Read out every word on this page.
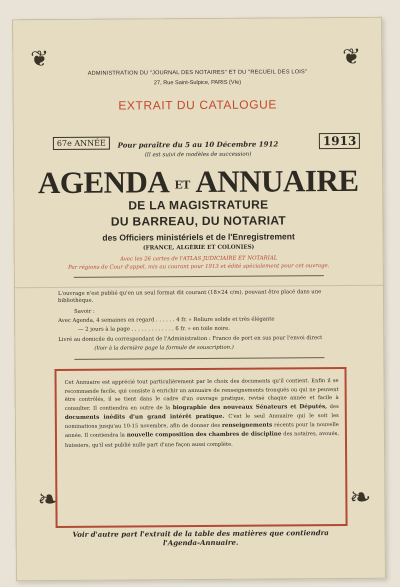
❦	❦
❧	❧
ADMINISTRATION DU "JOURNAL DES NOTAIRES" ET DU "RECUEIL DES LOIS"
27, Rue Saint-Sulpice, PARIS (VIe)
EXTRAIT DU CATALOGUE
67e ANNÉE	Pour paraître du 5 au 10 Décembre 1912	1913
(Il est suivi de modèles de succession)
AGENDA ET ANNUAIRE
DE LA MAGISTRATURE
DU BARREAU, DU NOTARIAT
des Officiers ministériels et de l'Enregistrement
(FRANCE, ALGÉRIE ET COLONIES)
Avec les 26 cartes de l'ATLAS JUDICIAIRE ET NOTARIAL
Par régions de Cour d'appel, mis au courant pour 1913 et édité spécialement pour cet ouvrage.
L'ouvrage n'est publié qu'en un seul format dit courant (18×24 c/m), pouvant être placé dans une bibliothèque.
Savoir :
Avec Agenda, 4 semaines en regard . . . . . . 4 fr. » Reliure solide et très élégante
— 2 jours à la page . . . . . . . . . . . . . 6 fr. » en toile noire.
Livré au domicile du correspondant de l'Administration : Franco de port en sus pour l'envoi direct
(Voir à la dernière page la formule de souscription.)
Cet Annuaire est apprécié tout particulièrement par le choix des documents qu'il contient. Enfin il se recommande facile, qui consiste à enrichir un annuaire de renseignements tronqués ou qui ne peuvent être contrôlés, il se tient dans le cadre d'un ouvrage pratique, revisé chaque année et facile à consulter. Il contiendra en outre de la biographie des nouveaux Sénateurs et Députés, des documents inédits d'un grand intérêt pratique. C'est le seul Annuaire qui le soit les nominations jusqu'au 10-15 novembre, afin de donner des renseignements récents pour la nouvelle année. Il contiendra la nouvelle composition des chambres de discipline des notaires, avoués, huissiers, qu'il est publié nulle part d'une façon aussi complète.
Voir d'autre part l'extrait de la table des matières que contiendra
l'Agenda-Annuaire.
